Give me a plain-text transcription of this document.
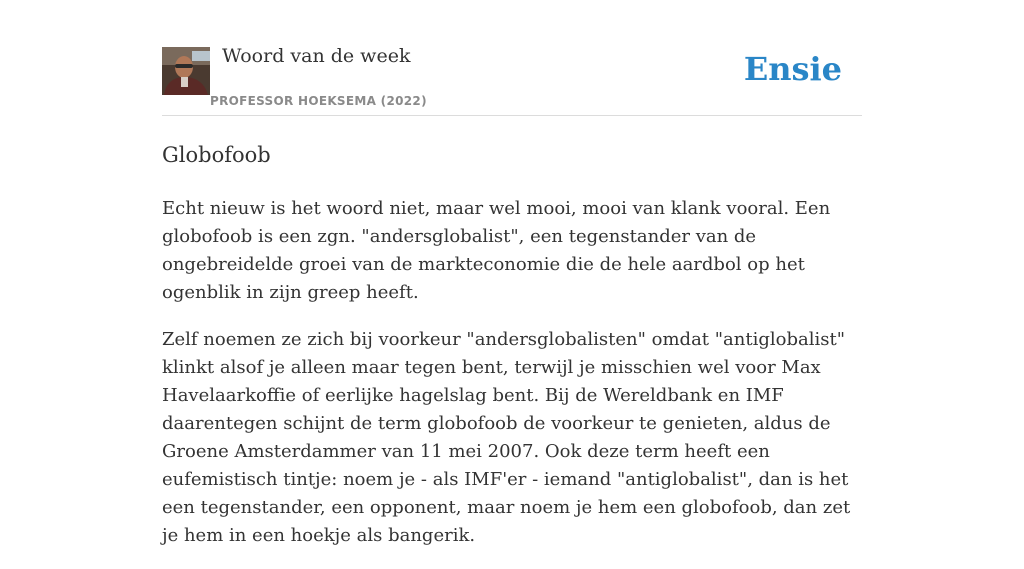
Woord van de week
PROFESSOR HOEKSEMA (2022)
Ensie
Globofoob

Echt nieuw is het woord niet, maar wel mooi, mooi van klank vooral. Een globofoob is een zgn. "andersglobalist", een tegenstander van de ongebreidelde groei van de markteconomie die de hele aardbol op het ogenblik in zijn greep heeft.

Zelf noemen ze zich bij voorkeur "andersglobalisten" omdat "antiglobalist" klinkt alsof je alleen maar tegen bent, terwijl je misschien wel voor Max Havelaarkoffie of eerlijke hagelslag bent. Bij de Wereldbank en IMF daarentegen schijnt de term globofoob de voorkeur te genieten, aldus de Groene Amsterdammer van 11 mei 2007. Ook deze term heeft een eufemistisch tintje: noem je - als IMF'er - iemand "antiglobalist", dan is het een tegenstander, een opponent, maar noem je hem een globofoob, dan zet je hem in een hoekje als bangerik.
